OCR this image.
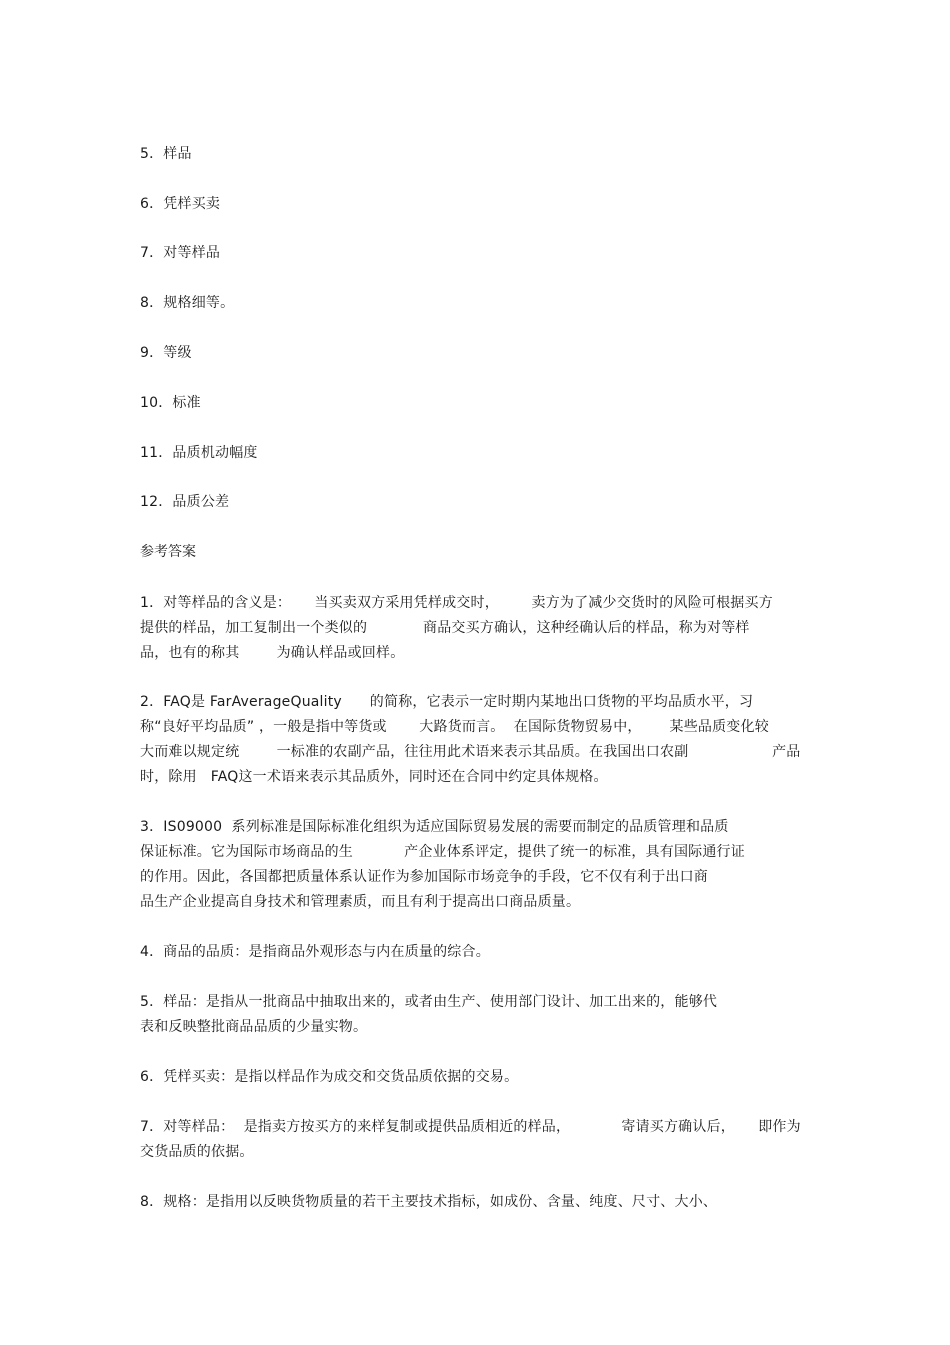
5．样品
6．凭样买卖
7．对等样品
8．规格细等。
9．等级
10．标准
11．品质机动幅度
12．品质公差
参考答案
1．对等样品的含义是：     当买卖双方采用凭样成交时，       卖方为了减少交货时的风险可根据买方
提供的样品，加工复制出一个类似的            商品交买方确认，这种经确认后的样品，称为对等样
品，也有的称其        为确认样品或回样。
2．FAQ是 FarAverageQuality      的简称，它表示一定时期内某地出口货物的平均品质水平，习
称“良好平均品质” ，一般是指中等货或       大路货而言。  在国际货物贸易中，      某些品质变化较
大而难以规定统        一标准的农副产品，往往用此术语来表示其品质。在我国出口农副                  产品
时，除用   FAQ这一术语来表示其品质外，同时还在合同中约定具体规格。
3．IS09000  系列标准是国际标准化组织为适应国际贸易发展的需要而制定的品质管理和品质
保证标准。它为国际市场商品的生           产企业体系评定，提供了统一的标准，具有国际通行证
的作用。因此，各国都把质量体系认证作为参加国际市场竞争的手段，它不仅有利于出口商
品生产企业提高自身技术和管理素质，而且有利于提高出口商品质量。
4．商品的品质：是指商品外观形态与内在质量的综合。
5．样品：是指从一批商品中抽取出来的，或者由生产、使用部门设计、加工出来的，能够代
表和反映整批商品品质的少量实物。
6．凭样买卖：是指以样品作为成交和交货品质依据的交易。
7．对等样品：  是指卖方按买方的来样复制或提供品质相近的样品，           寄请买方确认后，     即作为
交货品质的依据。
8．规格：是指用以反映货物质量的若干主要技术指标，如成份、含量、纯度、尺寸、大小、
